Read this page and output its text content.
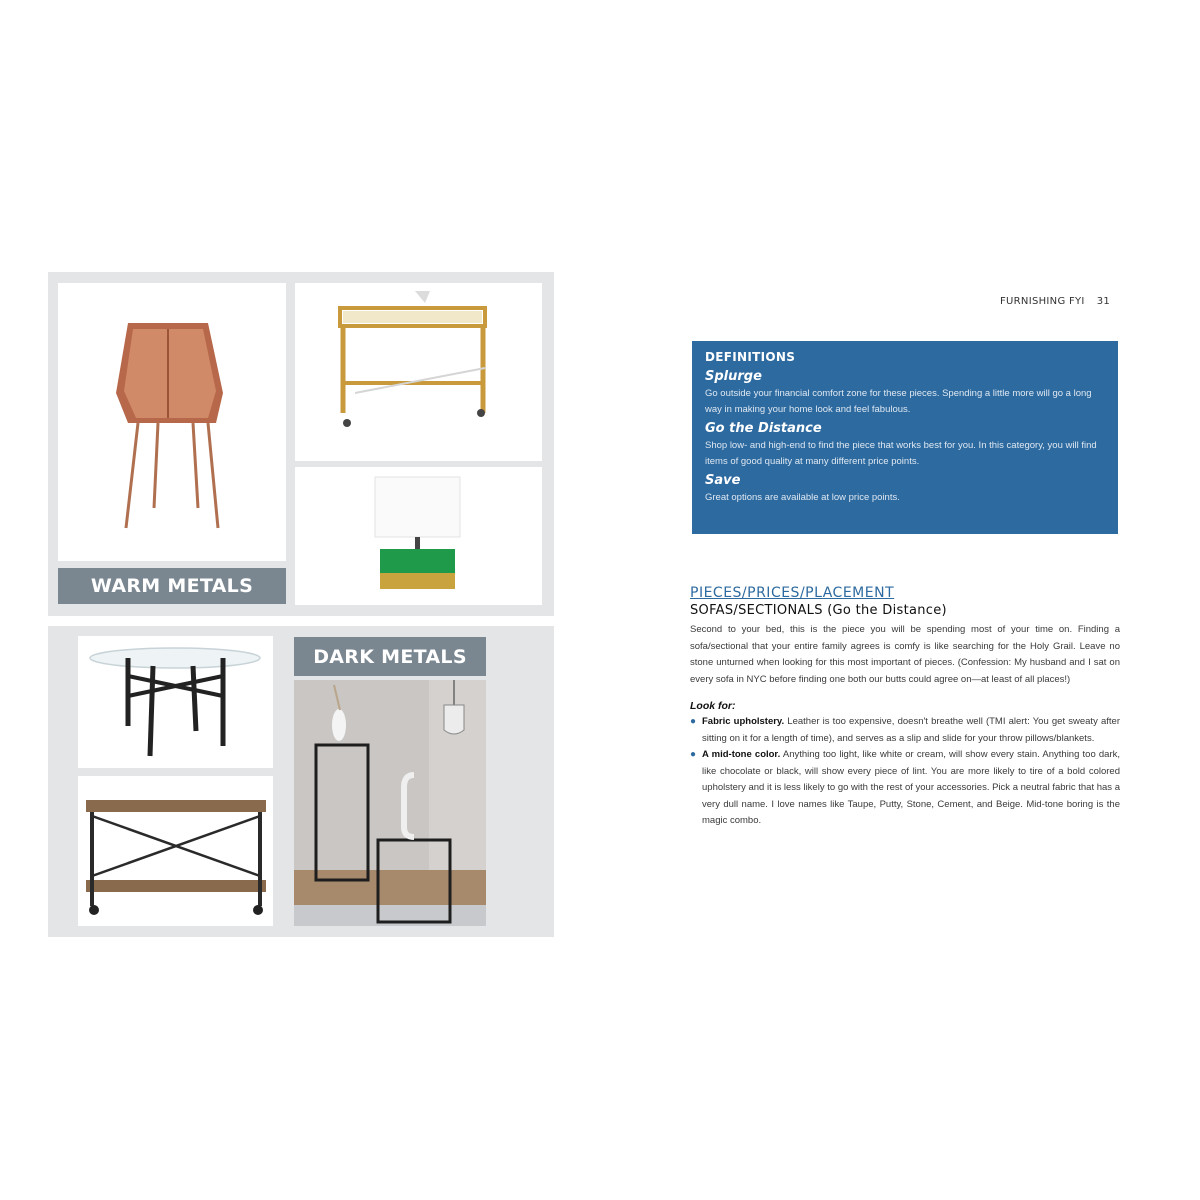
WARM METALS
DARK METALS
FURNISHING FYI 31
DEFINITIONS
Splurge

Go outside your financial comfort zone for these pieces. Spending a little more will go a long way in making your home look and feel fabulous.

Go the Distance

Shop low- and high-end to find the piece that works best for you. In this category, you will find items of good quality at many different price points.

Save

Great options are available at low price points.

PIECES/PRICES/PLACEMENT
SOFAS/SECTIONALS (Go the Distance)

Second to your bed, this is the piece you will be spending most of your time on. Finding a sofa/sectional that your entire family agrees is comfy is like searching for the Holy Grail. Leave no stone unturned when looking for this most important of pieces. (Confession: My husband and I sat on every sofa in NYC before finding one both our butts could agree on—at least of all places!)

Look for:
● Fabric upholstery. Leather is too expensive, doesn't breathe well (TMI alert: You get sweaty after sitting on it for a length of time), and serves as a slip and slide for your throw pillows/blankets.
● A mid-tone color. Anything too light, like white or cream, will show every stain. Anything too dark, like chocolate or black, will show every piece of lint. You are more likely to tire of a bold colored upholstery and it is less likely to go with the rest of your accessories. Pick a neutral fabric that has a very dull name. I love names like Taupe, Putty, Stone, Cement, and Beige. Mid-tone boring is the magic combo.
